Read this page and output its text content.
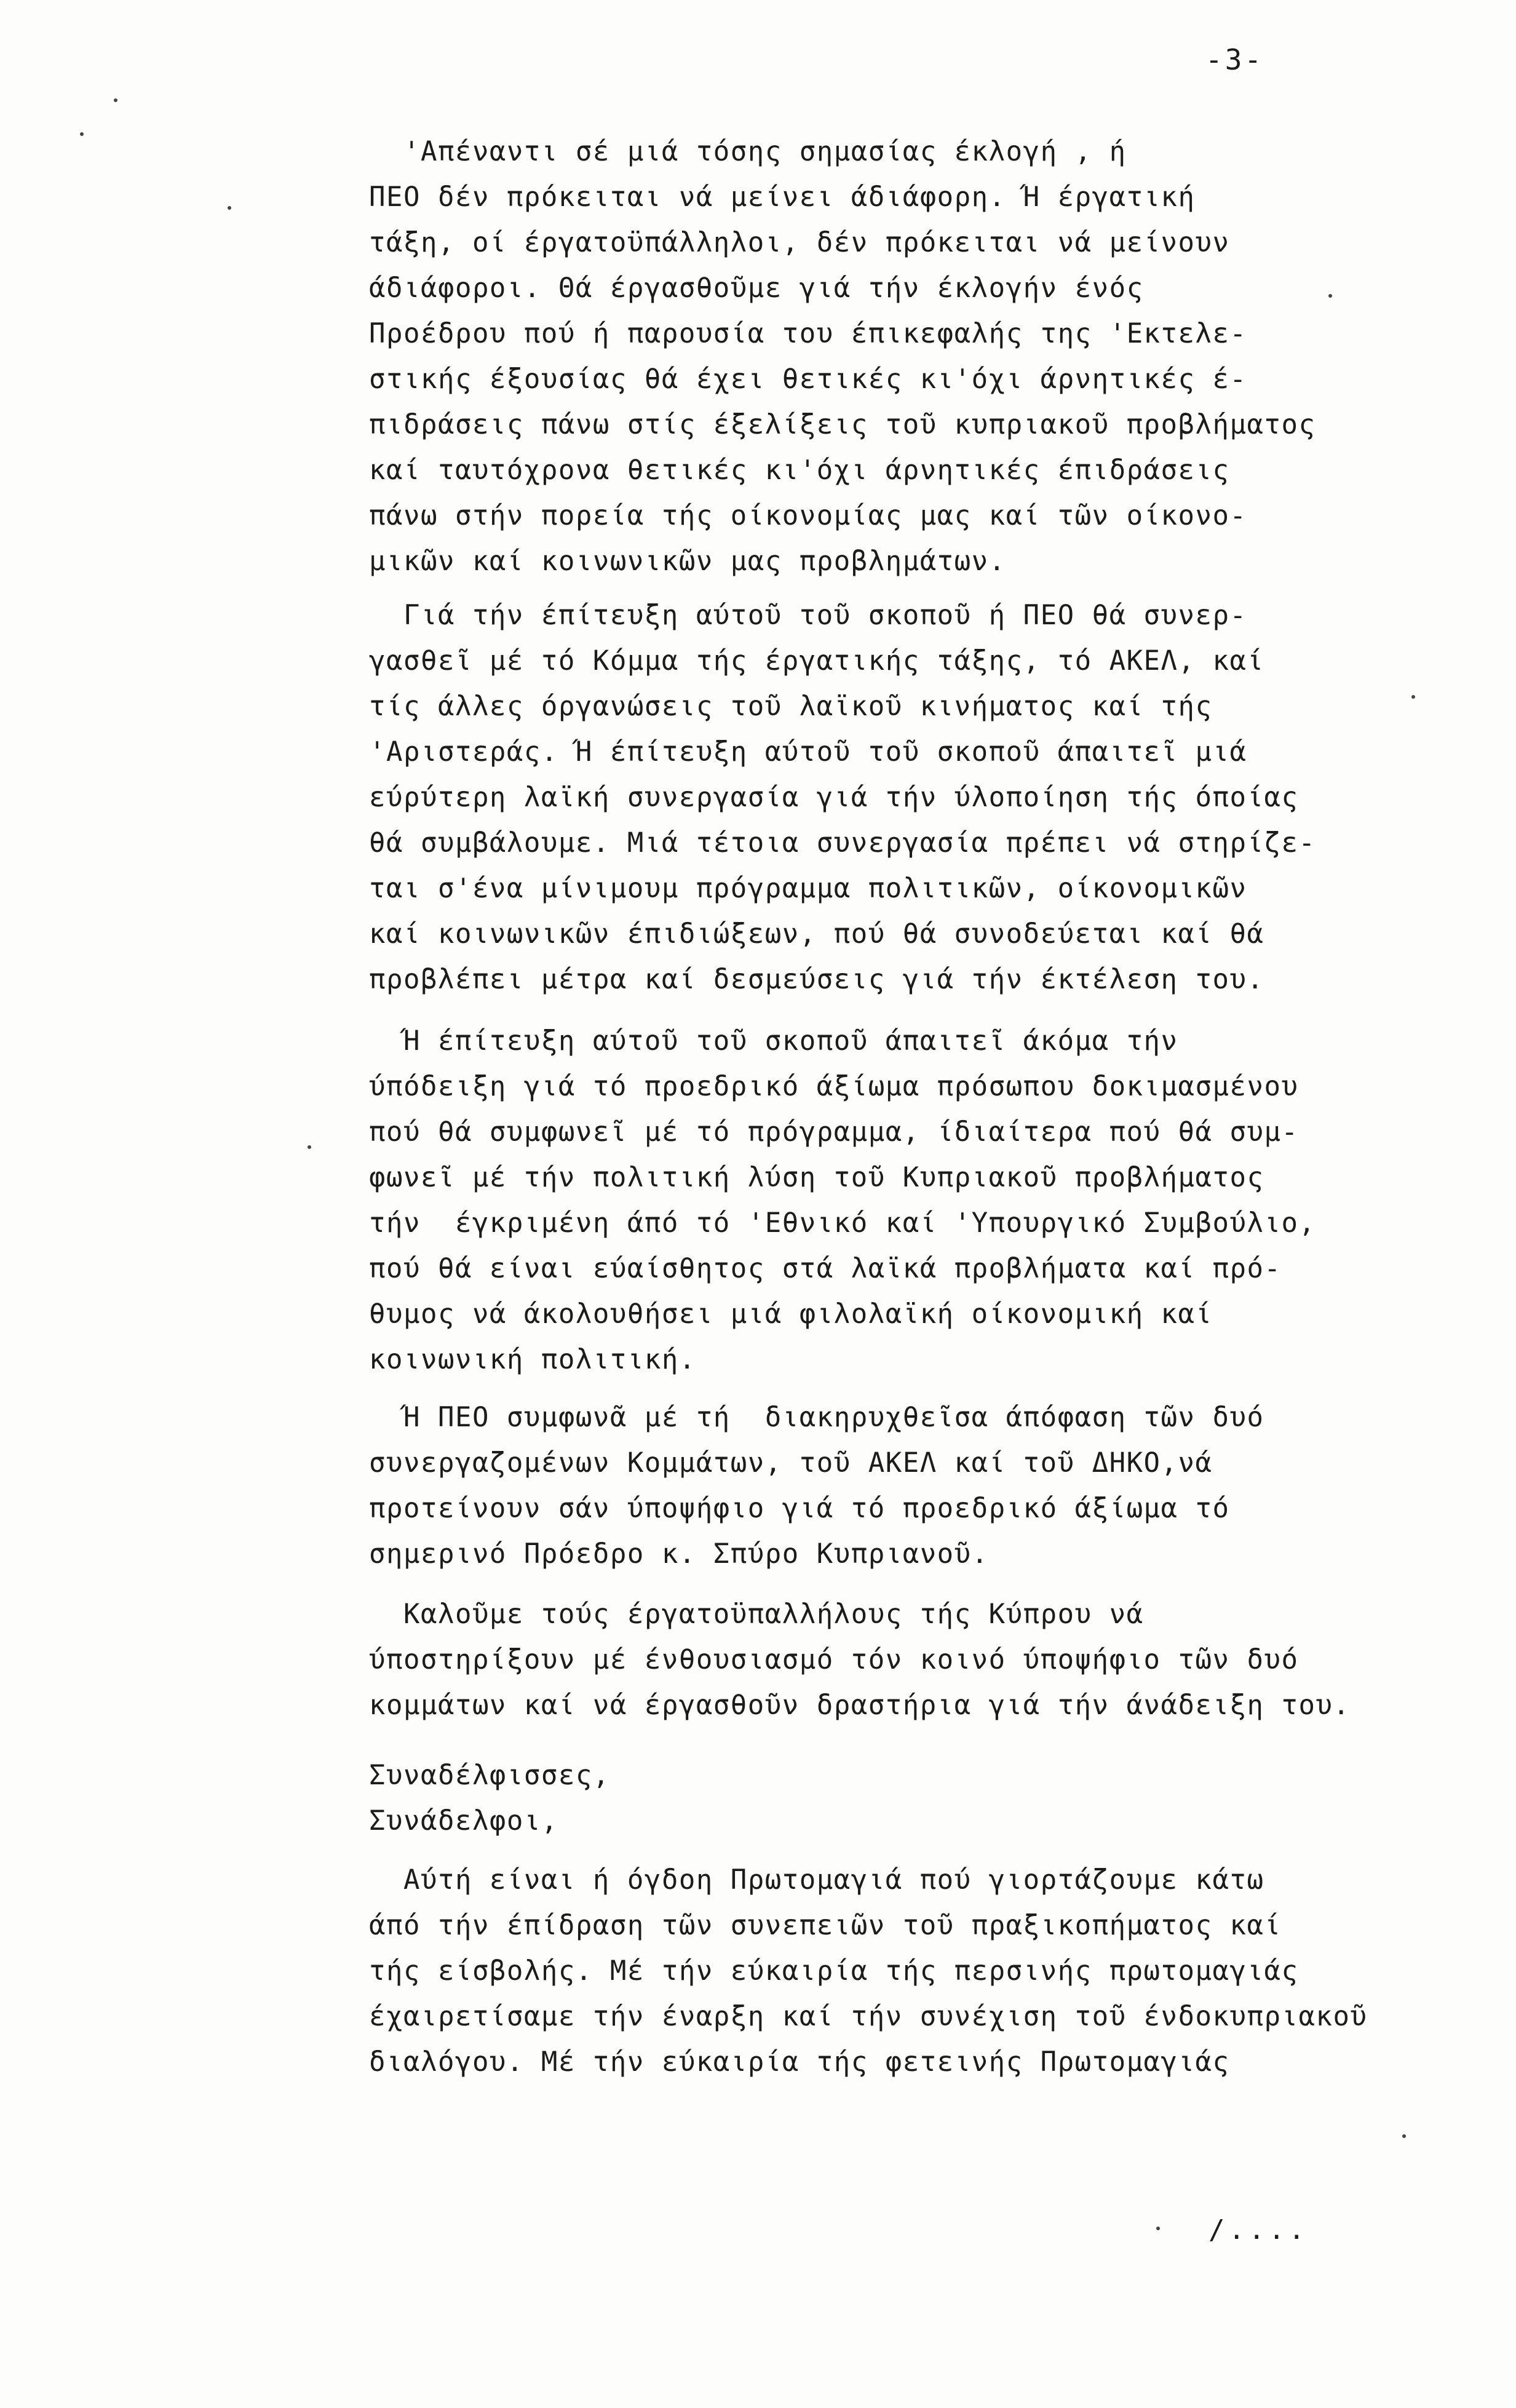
-3-
'Απέναντι σέ μιά τόσης σημασίας έκλογή , ή
ΠΕΟ δέν πρόκειται νά μείνει άδιάφορη. Ή έργατική
τάξη, οί έργατοϋπάλληλοι, δέν πρόκειται νά μείνουν
άδιάφοροι. Θά έργασθοῦμε γιά τήν έκλογήν ένός
Προέδρου πού ή παρουσία του έπικεφαλής της 'Εκτελε-
στικής έξουσίας θά έχει θετικές κι'όχι άρνητικές έ-
πιδράσεις πάνω στίς έξελίξεις τοῦ κυπριακοῦ προβλήματος
καί ταυτόχρονα θετικές κι'όχι άρνητικές έπιδράσεις
πάνω στήν πορεία τής οίκονομίας μας καί τῶν οίκονο-
μικῶν καί κοινωνικῶν μας προβλημάτων.
Γιά τήν έπίτευξη αύτοῦ τοῦ σκοποῦ ή ΠΕΟ θά συνερ-
γασθεῖ μέ τό Κόμμα τής έργατικής τάξης, τό ΑΚΕΛ, καί
τίς άλλες όργανώσεις τοῦ λαϊκοῦ κινήματος καί τής
'Αριστεράς. Ή έπίτευξη αύτοῦ τοῦ σκοποῦ άπαιτεῖ μιά
εύρύτερη λαϊκή συνεργασία γιά τήν ύλοποίηση τής όποίας
θά συμβάλουμε. Μιά τέτοια συνεργασία πρέπει νά στηρίζε-
ται σ'ένα μίνιμουμ πρόγραμμα πολιτικῶν, οίκονομικῶν
καί κοινωνικῶν έπιδιώξεων, πού θά συνοδεύεται καί θά
προβλέπει μέτρα καί δεσμεύσεις γιά τήν έκτέλεση του.
Ή έπίτευξη αύτοῦ τοῦ σκοποῦ άπαιτεῖ άκόμα τήν
ύπόδειξη γιά τό προεδρικό άξίωμα πρόσωπου δοκιμασμένου
πού θά συμφωνεῖ μέ τό πρόγραμμα, ίδιαίτερα πού θά συμ-
φωνεῖ μέ τήν πολιτική λύση τοῦ Κυπριακοῦ προβλήματος
τήν  έγκριμένη άπό τό 'Εθνικό καί 'Υπουργικό Συμβούλιο,
πού θά είναι εύαίσθητος στά λαϊκά προβλήματα καί πρό-
θυμος νά άκολουθήσει μιά φιλολαϊκή οίκονομική καί
κοινωνική πολιτική.
Ή ΠΕΟ συμφωνᾶ μέ τή  διακηρυχθεῖσα άπόφαση τῶν δυό
συνεργαζομένων Κομμάτων, τοῦ ΑΚΕΛ καί τοῦ ΔΗΚΟ,νά
προτείνουν σάν ύποψήφιο γιά τό προεδρικό άξίωμα τό
σημερινό Πρόεδρο κ. Σπύρο Κυπριανοῦ.
Καλοῦμε τούς έργατοϋπαλλήλους τής Κύπρου νά
ύποστηρίξουν μέ ένθουσιασμό τόν κοινό ύποψήφιο τῶν δυό
κομμάτων καί νά έργασθοῦν δραστήρια γιά τήν άνάδειξη του.
Συναδέλφισσες,
Συνάδελφοι,
Αύτή είναι ή όγδοη Πρωτομαγιά πού γιορτάζουμε κάτω
άπό τήν έπίδραση τῶν συνεπειῶν τοῦ πραξικοπήματος καί
τής είσβολής. Μέ τήν εύκαιρία τής περσινής πρωτομαγιάς
έχαιρετίσαμε τήν έναρξη καί τήν συνέχιση τοῦ ένδοκυπριακοῦ
διαλόγου. Μέ τήν εύκαιρία τής φετεινής Πρωτομαγιάς
/....
